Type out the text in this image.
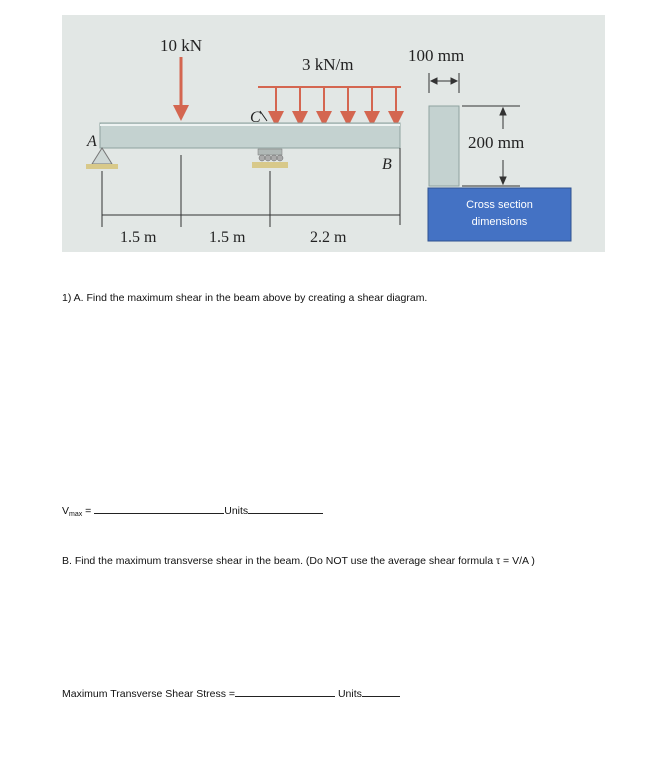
10 kN
3 kN/m
A
B
C
1.5 m	1.5 m	2.2 m
100 mm
200 mm
Cross section
dimensions
1) A. Find the maximum shear in the beam above by creating a shear diagram.
Vmax =	Units
B. Find the maximum transverse shear in the beam. (Do NOT use the average shear formula τ = V/A )
Maximum Transverse Shear Stress =	Units
